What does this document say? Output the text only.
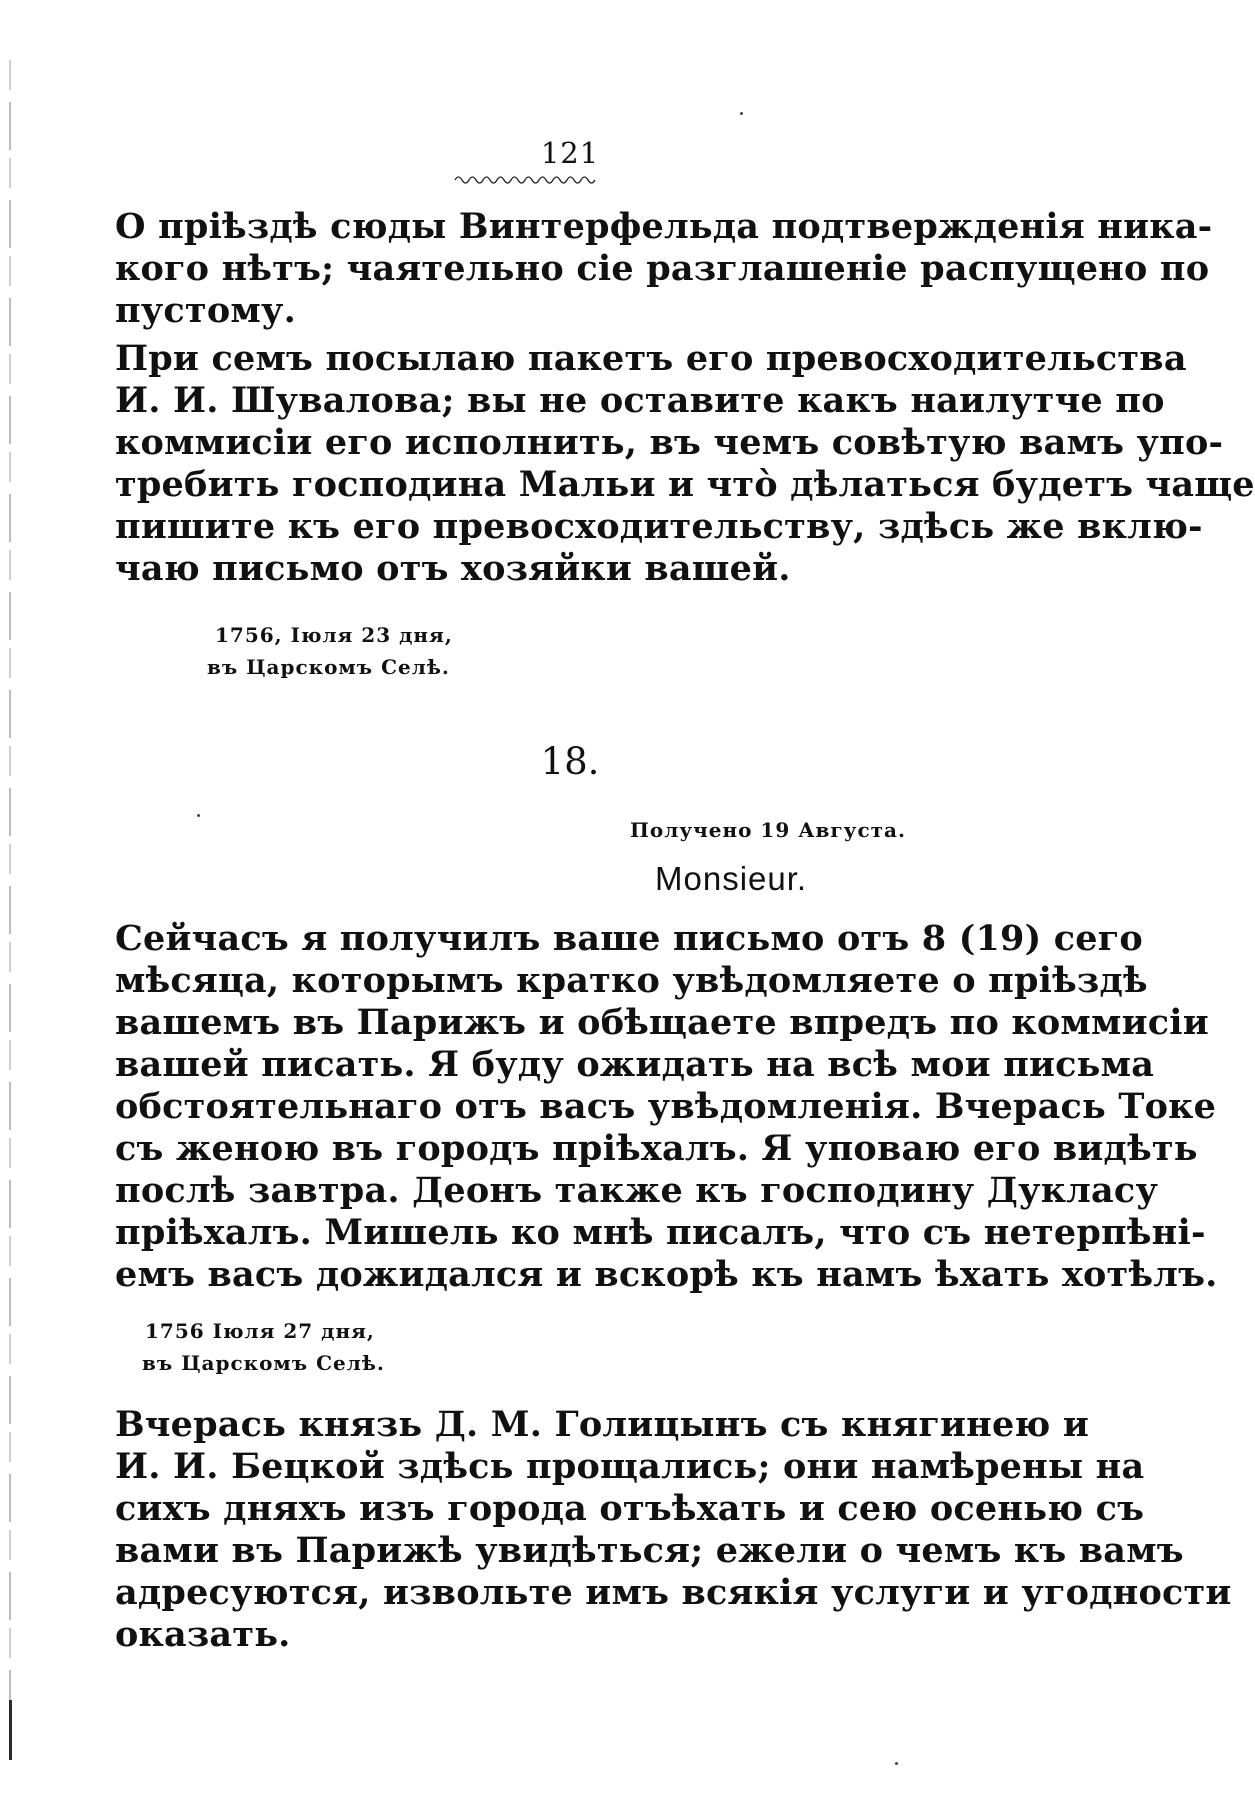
121
О пріѣздѣ сюды Винтерфельда подтвержденія ника-
кого нѣтъ; чаятельно сіе разглашеніе распущено по
пустому.
При семъ посылаю пакетъ его превосходительства
И. И. Шувалова; вы не оставите какъ наилутче по
коммисіи его исполнить, въ чемъ совѣтую вамъ упо-
требить господина Мальи и что̀ дѣлаться будетъ чаще
пишите къ его превосходительству, здѣсь же вклю-
чаю письмо отъ хозяйки вашей.
1756, Іюля 23 дня,
въ Царскомъ Селѣ.
18.
Получено 19 Августа.
Monsieur.
Сейчасъ я получилъ ваше письмо отъ 8 (19) сего
мѣсяца, которымъ кратко увѣдомляете о пріѣздѣ
вашемъ въ Парижъ и обѣщаете впредъ по коммисіи
вашей писать. Я буду ожидать на всѣ мои письма
обстоятельнаго отъ васъ увѣдомленія. Вчерась Токе
съ женою въ городъ пріѣхалъ. Я уповаю его видѣть
послѣ завтра. Деонъ также къ господину Дукласу
пріѣхалъ. Мишель ко мнѣ писалъ, что съ нетерпѣні-
емъ васъ дожидался и вскорѣ къ намъ ѣхать хотѣлъ.
1756 Іюля 27 дня,
въ Царскомъ Селѣ.
Вчерась князь Д. М. Голицынъ съ княгинею и
И. И. Бецкой здѣсь прощались; они намѣрены на
сихъ дняхъ изъ города отъѣхать и сею осенью съ
вами въ Парижѣ увидѣться; ежели о чемъ къ вамъ
адресуются, извольте имъ всякія услуги и угодности
оказать.
